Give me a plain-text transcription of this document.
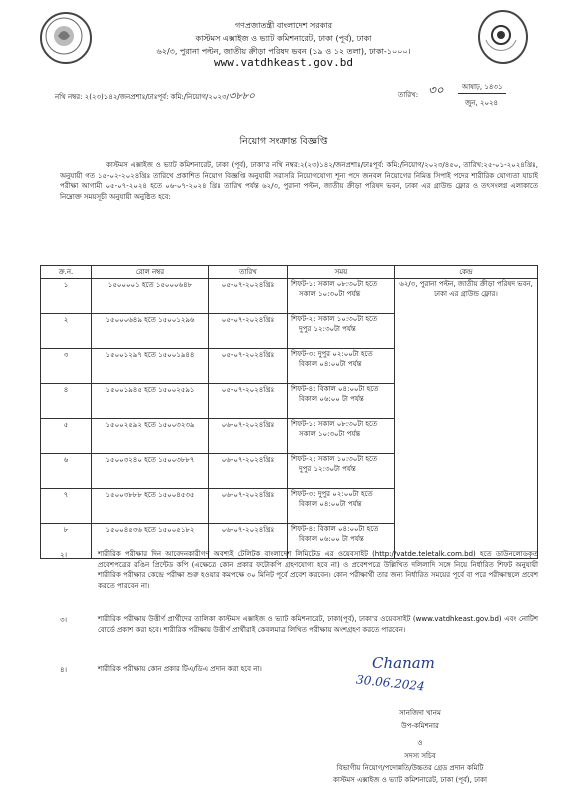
গণপ্রজাতন্ত্রী বাংলাদেশ সরকার
কাস্টমস এক্সাইজ ও ভ্যাট কমিশনারেট, ঢাকা (পূর্ব), ঢাকা
৬২/৩, পুরানা পল্টন, জাতীয় ক্রীড়া পরিষদ ভবন (১৯ ও ১২ তলা), ঢাকা-১০০০।
www.vatdhkeast.gov.bd
নথি নম্বর: ২(২৩)১৪২/জনপ্রশাঃ/ঢাঃপূর্ব: কমি:/নিয়োগ/২০২৩/৩৮৮০	তারিখ: ৩০	আষাঢ়, ১৪৩১
জুন, ২০২৪
নিয়োগ সংক্রান্ত বিজ্ঞপ্তি
কাস্টমস এক্সাইজ ও ভ্যাট কমিশনারেট, ঢাকা (পূর্ব), ঢাকা'র নথি নম্বর:২(২৩)১৪২/জনপ্রশাঃ/ঢাঃপূর্ব: কমি:/নিয়োগ/২০২৩/৪৫০, তারিখ:২৫-০১-২০২৪খ্রিঃ, অনুযায়ী গত ১৫-০২-২০২৪খ্রিঃ তারিখে প্রকাশিত নিয়োগ বিজ্ঞপ্তি অনুযায়ী সরাসরি নিয়োগযোগ্য শূন্য পদে জনবল নিয়োগের নিমিত্ত সিপাই পদের শারীরিক যোগ্যতা যাচাই পরীক্ষা আগামী ০৫-০৭-২০২৪ হতে ০৬-০৭-২০২৪ খ্রিঃ তারিখ পর্যন্ত ৬২/৩, পুরানা পল্টন, জাতীয় ক্রীড়া পরিষদ ভবন, ঢাকা এর গ্রাউন্ড ফ্লোর ও তৎসংলগ্ন এলাকাতে নিম্নোক্ত সময়সূচী অনুযায়ী অনুষ্ঠিত হবে:
ক্র.ন.	রোল নম্বর	তারিখ	সময়	কেন্দ্র
১	১৫০০০০১ হতে ১৫০০০৬৪৮	০৫-০৭-২০২৪খ্রিঃ	শিফট-১: সকাল ০৮:৩০টা হতে
সকাল ১০:৩০টা পর্যন্ত	৬২/৩, পুরানা পল্টন, জাতীয় ক্রীড়া পরিষদ ভবন, ঢাকা এর গ্রাউন্ড ফ্লোর।
২	১৫০০০৬৪৯ হতে ১৫০০১২৯৬	০৫-০৭-২০২৪খ্রিঃ	শিফট-২: সকাল ১০:৩০টা হতে
দুপুর ১২:৩০টা পর্যন্ত	

৩	১৫০০১২৯৭ হতে ১৫০০১৯৪৪	০৫-০৭-২০২৪খ্রিঃ	শিফট-৩: দুপুর ০২:০০টা হতে
বিকাল ০৪:০০টা পর্যন্ত	

৪	১৫০০১৯৪৫ হতে ১৫০০২৫৯১	০৫-০৭-২০২৪খ্রিঃ	শিফট-৪: বিকাল ০৪:০০টা হতে
বিকাল ০৬:০০ টা পর্যন্ত	

৫	১৫০০২৫৯২ হতে ১৫০০৩২৩৯	০৬-০৭-২০২৪খ্রিঃ	শিফট-১: সকাল ০৮:৩০টা হতে
সকাল ১০:৩০টা পর্যন্ত	

৬	১৫০০৩২৪০ হতে ১৫০০৩৮৮৭	০৬-০৭-২০২৪খ্রিঃ	শিফট-২: সকাল ১০:৩০টা হতে
দুপুর ১২:৩০টা পর্যন্ত	

৭	১৫০০৩৮৮৮ হতে ১৫০০৪৫৩৫	০৬-০৭-২০২৪খ্রিঃ	শিফট-৩: দুপুর ০২:০০টা হতে
বিকাল ০৪:০০টা পর্যন্ত	

৮	১৫০০৪৫৩৬ হতে ১৫০০৫১৮২	০৬-০৭-২০২৪খ্রিঃ	শিফট-৪: বিকাল ০৪:০০টা হতে
বিকাল ০৬:০০ টা পর্যন্ত	
২।	শারীরিক পরীক্ষার দিন আবেদনকারীগণ অবশ্যই টেলিটক বাংলাদেশ লিমিটেড এর ওয়েবসাইট (http://vatde.teletalk.com.bd) হতে ডাউনলোডকৃত প্রবেশপত্রের রঙিন প্রিন্টেড কপি (এক্ষেত্রে কোন প্রকার ফটোকপি গ্রহণযোগ্য হবে না) ও প্রবেশপত্রে উল্লিখিত দলিলাদি সঙ্গে নিয়ে নির্ধারিত শিফট অনুযায়ী শারীরিক পরীক্ষার কেন্দ্রে পরীক্ষা শুরু হওয়ার কমপক্ষে ৩০ মিনিট পূর্বে প্রবেশ করবেন। কোন পরীক্ষার্থী তার জন্য নির্ধারিত সময়ের পূর্বে বা পরে পরীক্ষাস্থলে প্রবেশ করতে পারবেন না।
৩।	শারীরিক পরীক্ষায় উত্তীর্ণ প্রার্থীদের তালিকা কাস্টমস এক্সাইজ ও ভ্যাট কমিশনারেট, ঢাকা(পূর্ব), ঢাকা'র ওয়েবসাইট (www.vatdhkeast.gov.bd) এবং নোটিশ বোর্ডে প্রকাশ করা হবে। শারীরিক পরীক্ষায় উত্তীর্ণ প্রার্থীরাই কেবলমাত্র লিখিত পরীক্ষায় অংশগ্রহণ করতে পারবেন।
৪।	শারীরিক পরীক্ষায় কোন প্রকার টিএ/ডিএ প্রদান করা হবে না।	Chanam
30.06.2024
সানজিদা খানম
উপ-কমিশনার
ও
সদস্য সচিব
বিভাগীয় নিয়োগ/পদোন্নতি/উচ্চতর গ্রেড প্রদান কমিটি
কাস্টমস এক্সাইজ ও ভ্যাট কমিশনারেট, ঢাকা (পূর্ব), ঢাকা
